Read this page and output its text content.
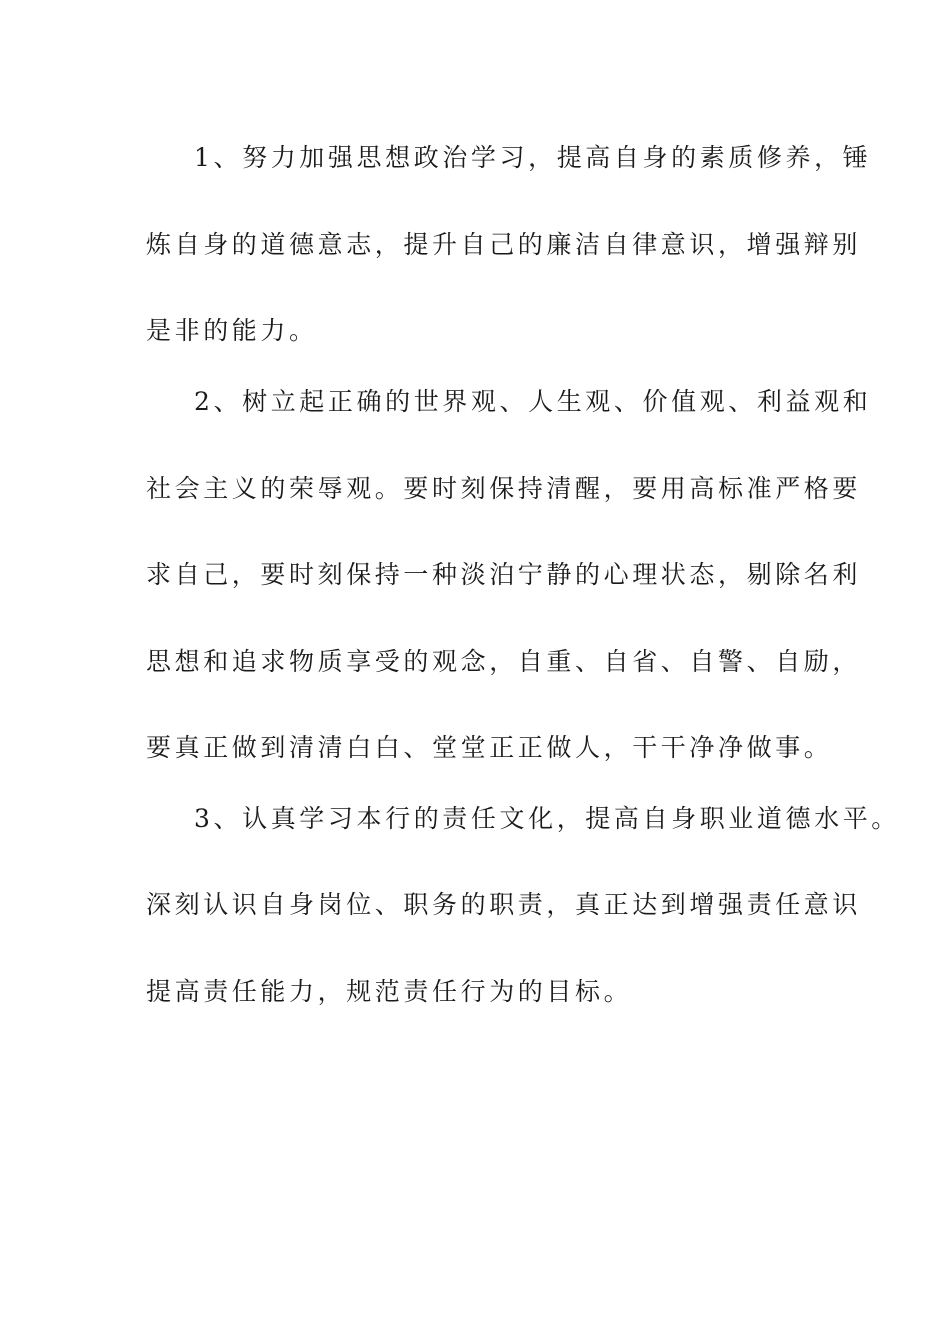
1、努力加强思想政治学习，提高自身的素质修养，锤
炼自身的道德意志，提升自己的廉洁自律意识，增强辩别
是非的能力。
2、树立起正确的世界观、人生观、价值观、利益观和
社会主义的荣辱观。要时刻保持清醒，要用高标准严格要
求自己，要时刻保持一种淡泊宁静的心理状态，剔除名利
思想和追求物质享受的观念，自重、自省、自警、自励，
要真正做到清清白白、堂堂正正做人，干干净净做事。
3、认真学习本行的责任文化，提高自身职业道德水平。
深刻认识自身岗位、职务的职责，真正达到增强责任意识
提高责任能力，规范责任行为的目标。
